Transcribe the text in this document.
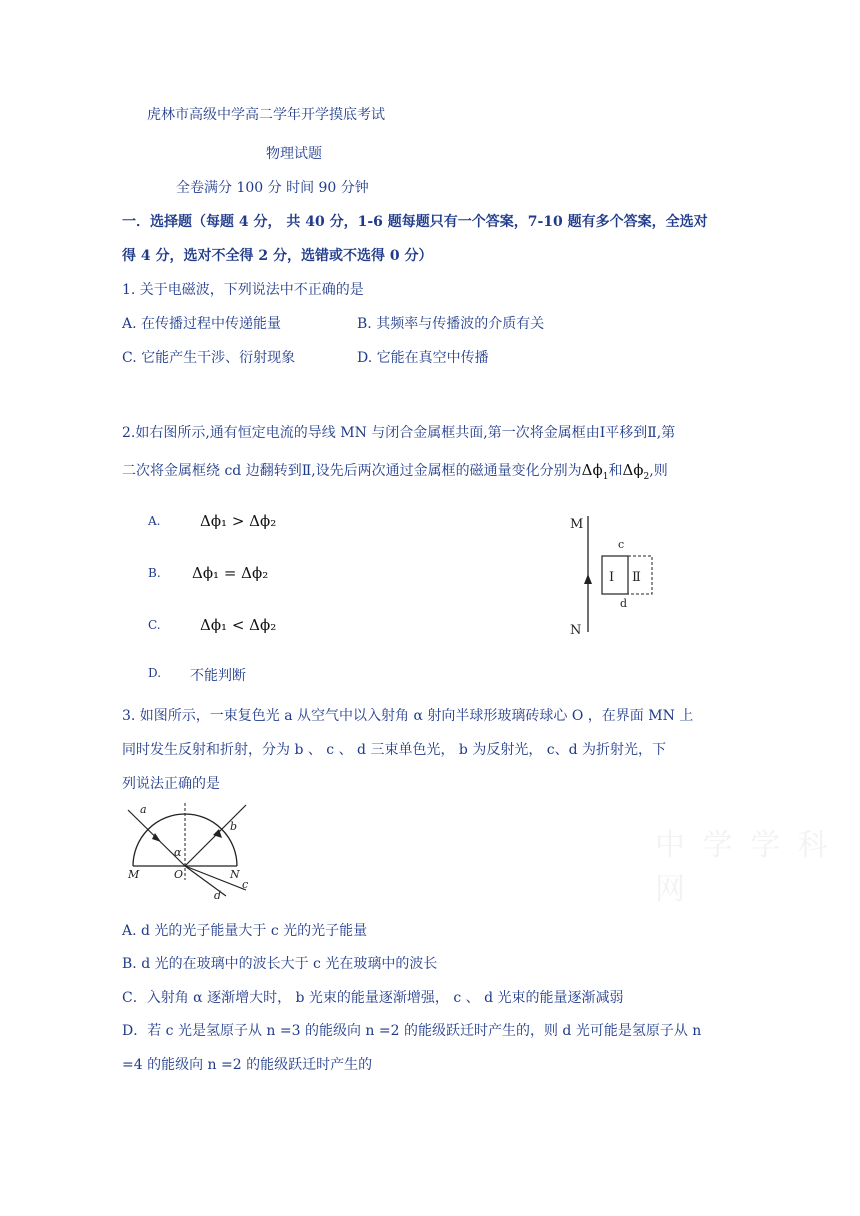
虎林市高级中学高二学年开学摸底考试
物理试题
全卷满分 100 分 时间 90 分钟
一．选择题（每题 4 分， 共 40 分，1-6 题每题只有一个答案，7-10 题有多个答案，全选对
得 4 分，选对不全得 2 分，选错或不选得 0 分）
1. 关于电磁波，下列说法中不正确的是
A. 在传播过程中传递能量	B. 其频率与传播波的介质有关
C. 它能产生干涉、衍射现象	D. 它能在真空中传播
2.如右图所示,通有恒定电流的导线 MN 与闭合金属框共面,第一次将金属框由Ⅰ平移到Ⅱ,第
二次将金属框绕 cd 边翻转到Ⅱ,设先后两次通过金属框的磁通量变化分别为$\Delta\phi_1$和$\Delta\phi_2$,则
A.	Δϕ₁ > Δϕ₂
B. Δϕ₁ = Δϕ₂
C.	Δϕ₁ < Δϕ₂
D. 不能判断
M
N
c
d
Ⅰ Ⅱ
3. 如图所示，一束复色光 a 从空气中以入射角 α 射向半球形玻璃砖球心 O ，在界面 MN 上
同时发生反射和折射，分为 b 、 c 、 d 三束单色光， b 为反射光， c、d 为折射光，下
列说法正确的是
a
b
c
d
M	N
O
α	中 学 学 科 网
A. d 光的光子能量大于 c 光的光子能量
B. d 光的在玻璃中的波长大于 c 光在玻璃中的波长
C．入射角 α 逐渐增大时， b 光束的能量逐渐增强， c 、 d 光束的能量逐渐减弱
D．若 c 光是氢原子从 n =3 的能级向 n =2 的能级跃迁时产生的，则 d 光可能是氢原子从 n
=4 的能级向 n =2 的能级跃迁时产生的
